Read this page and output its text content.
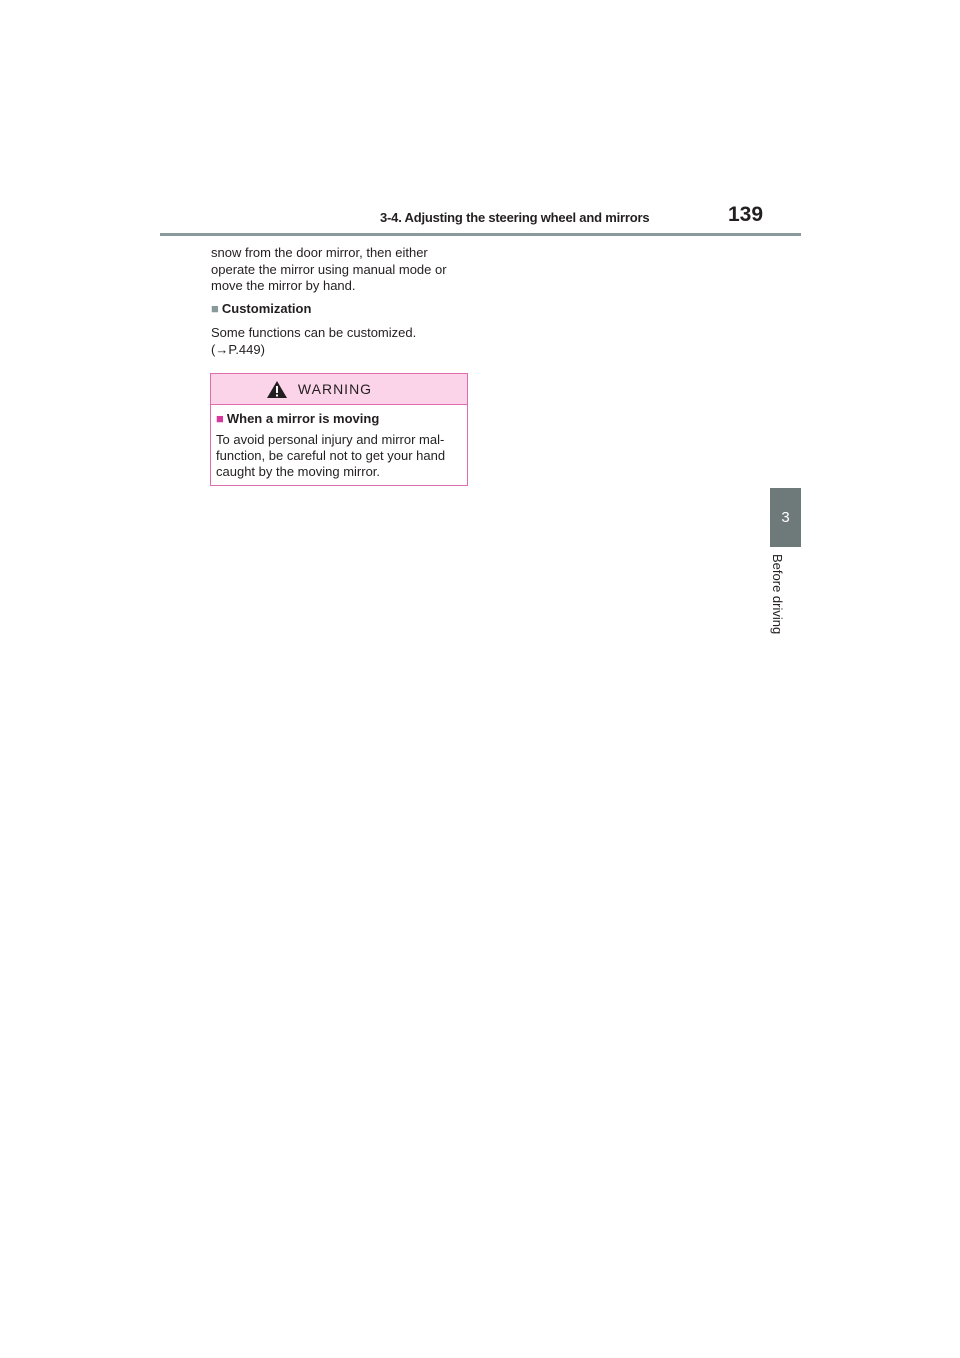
3-4. Adjusting the steering wheel and mirrors	139
3
Before driving
snow from the door mirror, then either operate the mirror using manual mode or move the mirror by hand.
■ Customization
Some functions can be customized. (→P.449)
WARNING
■ When a mirror is moving
To avoid personal injury and mirror mal-function, be careful not to get your hand caught by the moving mirror.
